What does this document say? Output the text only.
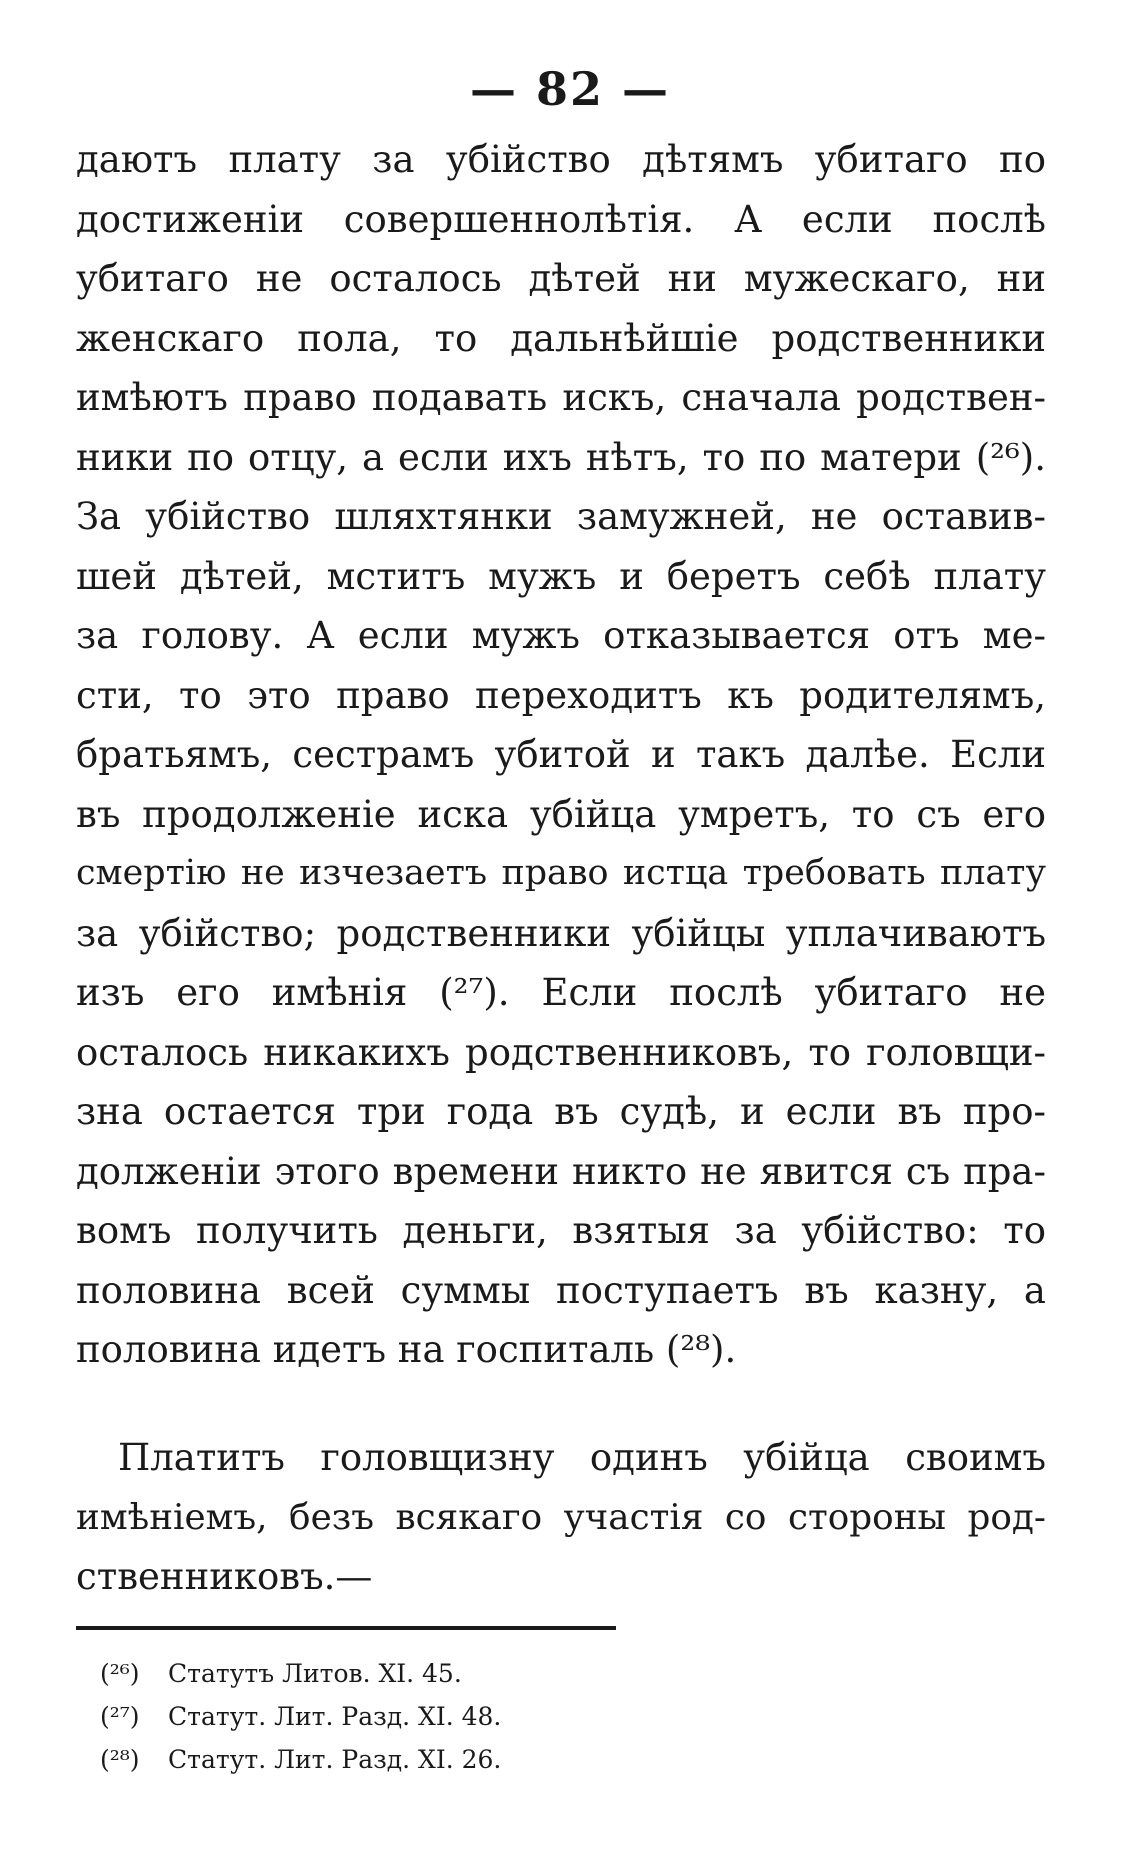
— 82 —
даютъ плату за убійство дѣтямъ убитаго по
достиженіи совершеннолѣтія. А если послѣ
убитаго не осталось дѣтей ни мужескаго, ни
женскаго пола, то дальнѣйшіе родственники
имѣютъ право подавать искъ, сначала родствен-
ники по отцу, а если ихъ нѣтъ, то по матери (²⁶).
За убійство шляхтянки замужней, не оставив-
шей дѣтей, мститъ мужъ и беретъ себѣ плату
за голову. А если мужъ отказывается отъ ме-
сти, то это право переходитъ къ родителямъ,
братьямъ, сестрамъ убитой и такъ далѣе. Если
въ продолженіе иска убійца умретъ, то съ его
смертію не изчезаетъ право истца требовать плату
за убійство; родственники убійцы уплачиваютъ
изъ его имѣнія (²⁷). Если послѣ убитаго не
осталось никакихъ родственниковъ, то головщи-
зна остается три года въ судѣ, и если въ про-
долженіи этого времени никто не явится съ пра-
вомъ получить деньги, взятыя за убійство: то
половина всей суммы поступаетъ въ казну, а
половина идетъ на госпиталь (²⁸).
Платитъ головщизну одинъ убійца своимъ
имѣніемъ, безъ всякаго участія со стороны род-
ственниковъ.—
(²⁶) Статутъ Литов. XI. 45.
(²⁷) Статут. Лит. Разд. XI. 48.
(²⁸) Статут. Лит. Разд. XI. 26.
